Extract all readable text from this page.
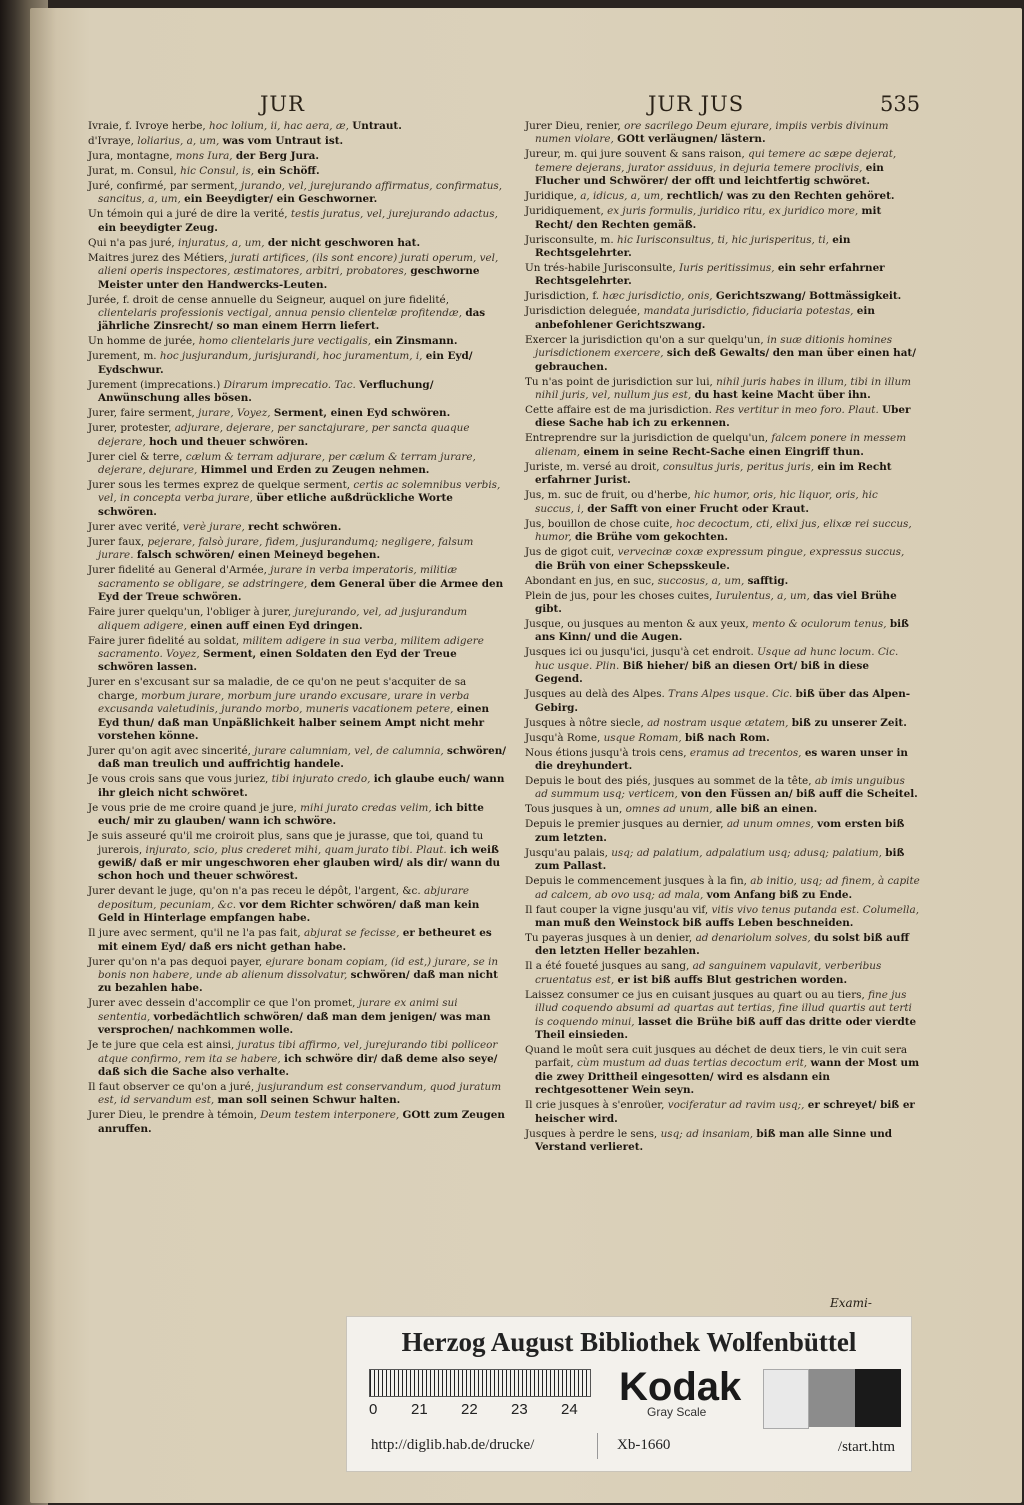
JUR	JUR JUS	535

Ivraie, f. Ivroye herbe, hoc lolium, ii, hac aera, æ, Untraut.

d'Ivraye, loliarius, a, um, was vom Untraut ist.

Jura, montagne, mons Iura, der Berg Jura.

Jurat, m. Consul, hic Consul, is, ein Schöff.

Juré, confirmé, par serment, jurando, vel, jurejurando affirmatus, confirmatus, sancitus, a, um, ein Beeydigter/ ein Geschworner.

Un témoin qui a juré de dire la verité, testis juratus, vel, jurejurando adactus, ein beeydigter Zeug.

Qui n'a pas juré, injuratus, a, um, der nicht geschworen hat.

Maitres jurez des Métiers, jurati artifices, (ils sont encore) jurati operum, vel, alieni operis inspectores, æstimatores, arbitri, probatores, geschworne Meister unter den Handwercks-Leuten.

Jurée, f. droit de cense annuelle du Seigneur, auquel on jure fidelité, clientelaris professionis vectigal, annua pensio clientelæ profitendæ, das jährliche Zinsrecht/ so man einem Herrn liefert.

Un homme de jurée, homo clientelaris jure vectigalis, ein Zinsmann.

Jurement, m. hoc jusjurandum, jurisjurandi, hoc juramentum, i, ein Eyd/ Eydschwur.

Jurement (imprecations.) Dirarum imprecatio. Tac. Verfluchung/ Anwünschung alles bösen.

Jurer, faire serment, jurare, Voyez, Serment, einen Eyd schwören.

Jurer, protester, adjurare, dejerare, per sanctajurare, per sancta quaque dejerare, hoch und theuer schwören.

Jurer ciel & terre, cælum & terram adjurare, per cælum & terram jurare, dejerare, dejurare, Himmel und Erden zu Zeugen nehmen.

Jurer sous les termes exprez de quelque serment, certis ac solemnibus verbis, vel, in concepta verba jurare, über etliche außdrückliche Worte schwören.

Jurer avec verité, verè jurare, recht schwören.

Jurer faux, pejerare, falsò jurare, fidem, jusjurandumq; negligere, falsum jurare. falsch schwören/ einen Meineyd begehen.

Jurer fidelité au General d'Armée, jurare in verba imperatoris, militiæ sacramento se obligare, se adstringere, dem General über die Armee den Eyd der Treue schwören.

Faire jurer quelqu'un, l'obliger à jurer, jurejurando, vel, ad jusjurandum aliquem adigere, einen auff einen Eyd dringen.

Faire jurer fidelité au soldat, militem adigere in sua verba, militem adigere sacramento. Voyez, Serment, einen Soldaten den Eyd der Treue schwören lassen.

Jurer en s'excusant sur sa maladie, de ce qu'on ne peut s'acquiter de sa charge, morbum jurare, morbum jure urando excusare, urare in verba excusanda valetudinis, jurando morbo, muneris vacationem petere, einen Eyd thun/ daß man Unpäßlichkeit halber seinem Ampt nicht mehr vorstehen könne.

Jurer qu'on agit avec sincerité, jurare calumniam, vel, de calumnia, schwören/ daß man treulich und auffrichtig handele.

Je vous crois sans que vous juriez, tibi injurato credo, ich glaube euch/ wann ihr gleich nicht schwöret.

Je vous prie de me croire quand je jure, mihi jurato credas velim, ich bitte euch/ mir zu glauben/ wann ich schwöre.

Je suis asseuré qu'il me croiroit plus, sans que je jurasse, que toi, quand tu jurerois, injurato, scio, plus crederet mihi, quam jurato tibi. Plaut. ich weiß gewiß/ daß er mir ungeschworen eher glauben wird/ als dir/ wann du schon hoch und theuer schwörest.

Jurer devant le juge, qu'on n'a pas receu le dépôt, l'argent, &c. abjurare depositum, pecuniam, &c. vor dem Richter schwören/ daß man kein Geld in Hinterlage empfangen habe.

Il jure avec serment, qu'il ne l'a pas fait, abjurat se fecisse, er betheuret es mit einem Eyd/ daß ers nicht gethan habe.

Jurer qu'on n'a pas dequoi payer, ejurare bonam copiam, (id est,) jurare, se in bonis non habere, unde ab alienum dissolvatur, schwören/ daß man nicht zu bezahlen habe.

Jurer avec dessein d'accomplir ce que l'on promet, jurare ex animi sui sententia, vorbedächtlich schwören/ daß man dem jenigen/ was man versprochen/ nachkommen wolle.

Je te jure que cela est ainsi, juratus tibi affirmo, vel, jurejurando tibi polliceor atque confirmo, rem ita se habere, ich schwöre dir/ daß deme also seye/ daß sich die Sache also verhalte.

Il faut observer ce qu'on a juré, jusjurandum est conservandum, quod juratum est, id servandum est, man soll seinen Schwur halten.

Jurer Dieu, le prendre à témoin, Deum testem interponere, GOtt zum Zeugen anruffen.

Jurer Dieu, renier, ore sacrilego Deum ejurare, impiis verbis divinum numen violare, GOtt verläugnen/ lästern.

Jureur, m. qui jure souvent & sans raison, qui temere ac sæpe dejerat, temere dejerans, jurator assiduus, in dejuria temere proclivis, ein Flucher und Schwörer/ der offt und leichtfertig schwöret.

Juridique, a, idicus, a, um, rechtlich/ was zu den Rechten gehöret.

Juridiquement, ex juris formulis, juridico ritu, ex juridico more, mit Recht/ den Rechten gemäß.

Jurisconsulte, m. hic Iurisconsultus, ti, hic jurisperitus, ti, ein Rechtsgelehrter.

Un trés-habile Jurisconsulte, Iuris peritissimus, ein sehr erfahrner Rechtsgelehrter.

Jurisdiction, f. hæc jurisdictio, onis, Gerichtszwang/ Bottmässigkeit.

Jurisdiction deleguée, mandata jurisdictio, fiduciaria potestas, ein anbefohlener Gerichtszwang.

Exercer la jurisdiction qu'on a sur quelqu'un, in suæ ditionis homines jurisdictionem exercere, sich deß Gewalts/ den man über einen hat/ gebrauchen.

Tu n'as point de jurisdiction sur lui, nihil juris habes in illum, tibi in illum nihil juris, vel, nullum jus est, du hast keine Macht über ihn.

Cette affaire est de ma jurisdiction. Res vertitur in meo foro. Plaut. Uber diese Sache hab ich zu erkennen.

Entreprendre sur la jurisdiction de quelqu'un, falcem ponere in messem alienam, einem in seine Recht-Sache einen Eingriff thun.

Juriste, m. versé au droit, consultus juris, peritus juris, ein im Recht erfahrner Jurist.

Jus, m. suc de fruit, ou d'herbe, hic humor, oris, hic liquor, oris, hic succus, i, der Safft von einer Frucht oder Kraut.

Jus, bouillon de chose cuite, hoc decoctum, cti, elixi jus, elixæ rei succus, humor, die Brühe vom gekochten.

Jus de gigot cuit, vervecinæ coxæ expressum pingue, expressus succus, die Brüh von einer Schepsskeule.

Abondant en jus, en suc, succosus, a, um, safftig.

Plein de jus, pour les choses cuites, Iurulentus, a, um, das viel Brühe gibt.

Jusque, ou jusques au menton & aux yeux, mento & oculorum tenus, biß ans Kinn/ und die Augen.

Jusques ici ou jusqu'ici, jusqu'à cet endroit. Usque ad hunc locum. Cic. huc usque. Plin. Biß hieher/ biß an diesen Ort/ biß in diese Gegend.

Jusques au delà des Alpes. Trans Alpes usque. Cic. biß über das Alpen-Gebirg.

Jusques à nôtre siecle, ad nostram usque ætatem, biß zu unserer Zeit.

Jusqu'à Rome, usque Romam, biß nach Rom.

Nous étions jusqu'à trois cens, eramus ad trecentos, es waren unser in die dreyhundert.

Depuis le bout des piés, jusques au sommet de la tête, ab imis unguibus ad summum usq; verticem, von den Füssen an/ biß auff die Scheitel.

Tous jusques à un, omnes ad unum, alle biß an einen.

Depuis le premier jusques au dernier, ad unum omnes, vom ersten biß zum letzten.

Jusqu'au palais, usq; ad palatium, adpalatium usq; adusq; palatium, biß zum Pallast.

Depuis le commencement jusques à la fin, ab initio, usq; ad finem, à capite ad calcem, ab ovo usq; ad mala, vom Anfang biß zu Ende.

Il faut couper la vigne jusqu'au vif, vitis vivo tenus putanda est. Columella, man muß den Weinstock biß auffs Leben beschneiden.

Tu payeras jusques à un denier, ad denariolum solves, du solst biß auff den letzten Heller bezahlen.

Il a été foueté jusques au sang, ad sanguinem vapulavit, verberibus cruentatus est, er ist biß auffs Blut gestrichen worden.

Laissez consumer ce jus en cuisant jusques au quart ou au tiers, fine jus illud coquendo absumi ad quartas aut tertias, fine illud quartis aut terti is coquendo minui, lasset die Brühe biß auff das dritte oder vierdte Theil einsieden.

Quand le moût sera cuit jusques au déchet de deux tiers, le vin cuit sera parfait, cùm mustum ad duas tertias decoctum erit, wann der Most um die zwey Drittheil eingesotten/ wird es alsdann ein rechtgesottener Wein seyn.

Il crie jusques à s'enroüer, vociferatur ad ravim usq;, er schreyet/ biß er heischer wird.

Jusques à perdre le sens, usq; ad insaniam, biß man alle Sinne und Verstand verlieret.

Exami-
Herzog August Bibliothek Wolfenbüttel
0 21 22 23 24
Kodak
Gray Scale
http://diglib.hab.de/drucke/	Xb-1660	/start.htm
